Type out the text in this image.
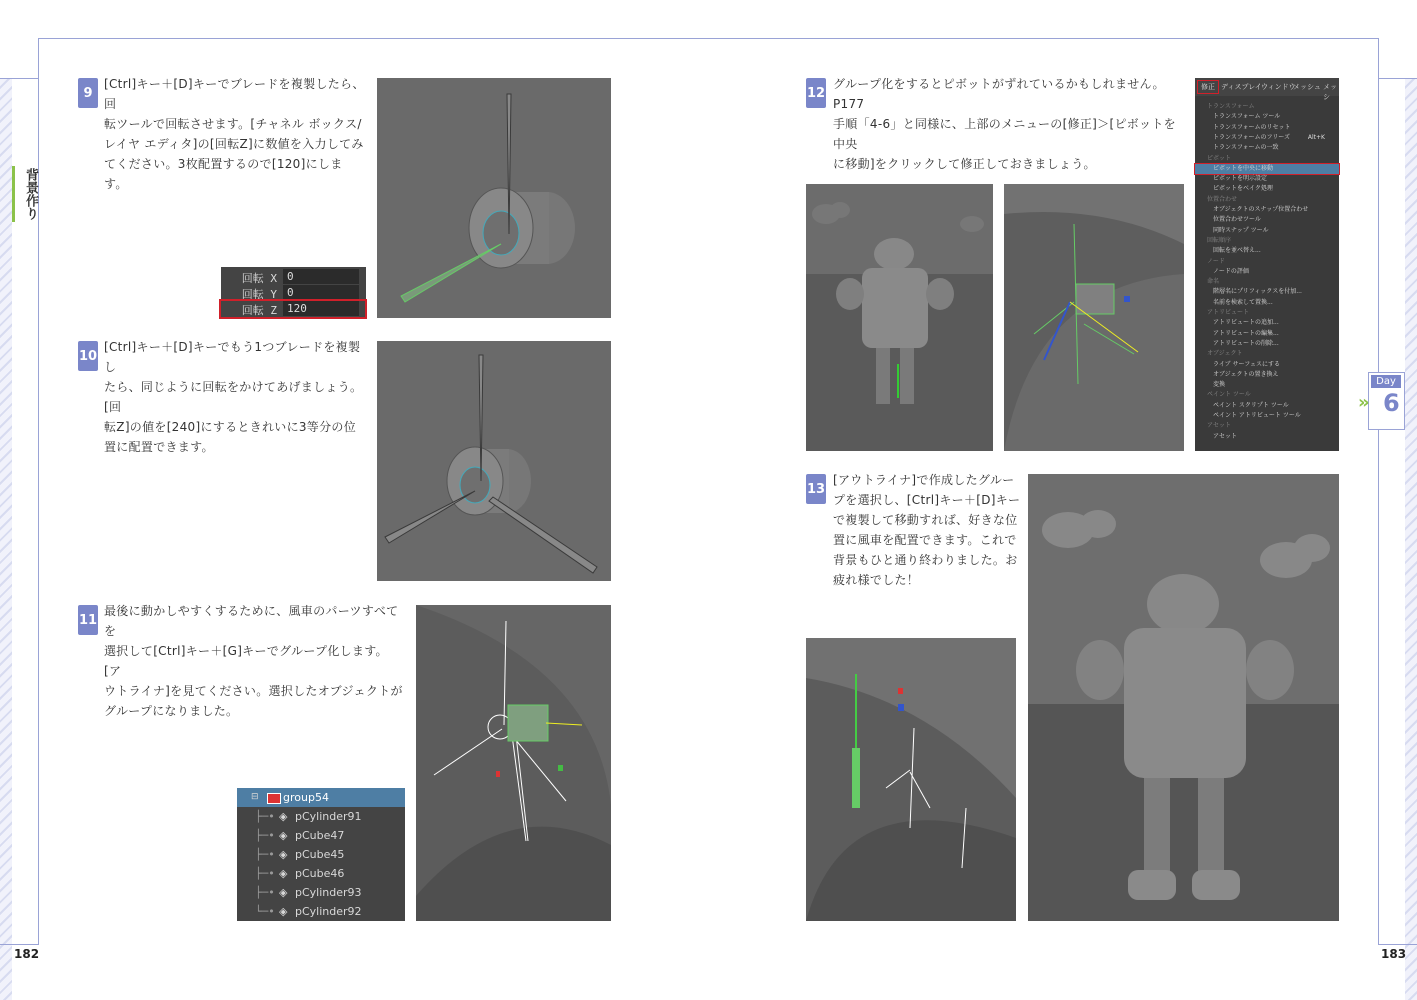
背景作り
Day
6
»
182	183
9
[Ctrl]キー＋[D]キーでブレードを複製したら、回
転ツールで回転させます。[チャネル ボックス/
レイヤ エディタ]の[回転Z]に数値を入力してみ
てください。3枚配置するので[120]にします。
回転 X 0
回転 Y 0
回転 Z 120
10
[Ctrl]キー＋[D]キーでもう1つブレードを複製し
たら、同じように回転をかけてあげましょう。[回
転Z]の値を[240]にするときれいに3等分の位
置に配置できます。
11
最後に動かしやすくするために、風車のパーツすべてを
選択して[Ctrl]キー＋[G]キーでグループ化します。[ア
ウトライナ]を見てください。選択したオブジェクトが
グループになりました。
⊟ group54
├─• ◈ pCylinder91
├─• ◈ pCube47
├─• ◈ pCube45
├─• ◈ pCube46
├─• ◈ pCylinder93
└─• ◈ pCylinder92
12
グループ化をするとピボットがずれているかもしれません。P177
手順「4-6」と同様に、上部のメニューの[修正]＞[ピボットを中央
に移動]をクリックして修正しておきましょう。
修正 ディスプレイ ウィンドウ
メッシュ メッシ
トランスフォーム
トランスフォーム ツール
トランスフォームのリセット
トランスフォームのフリーズ	Alt+K
トランスフォームの一致
ピボット
ピボットを中央に移動
ピボットを明示設定
ピボットをベイク処理
位置合わせ
オブジェクトのスナップ位置合わせ
位置合わせツール
同時スナップ ツール
回転順序
回転を並べ替え...
ノード
ノードの評価
命名
階層名にプリフィックスを付加...
名前を検索して置換...
アトリビュート
アトリビュートの追加...
アトリビュートの編集...
アトリビュートの削除...
オブジェクト
ライブ サーフェスにする
オブジェクトの置き換え
変換
ペイント ツール
ペイント スクリプト ツール
ペイント アトリビュート ツール
アセット
アセット
13
[アウトライナ]で作成したグルー
プを選択し、[Ctrl]キー＋[D]キー
で複製して移動すれば、好きな位
置に風車を配置できます。これで
背景もひと通り終わりました。お
疲れ様でした！
